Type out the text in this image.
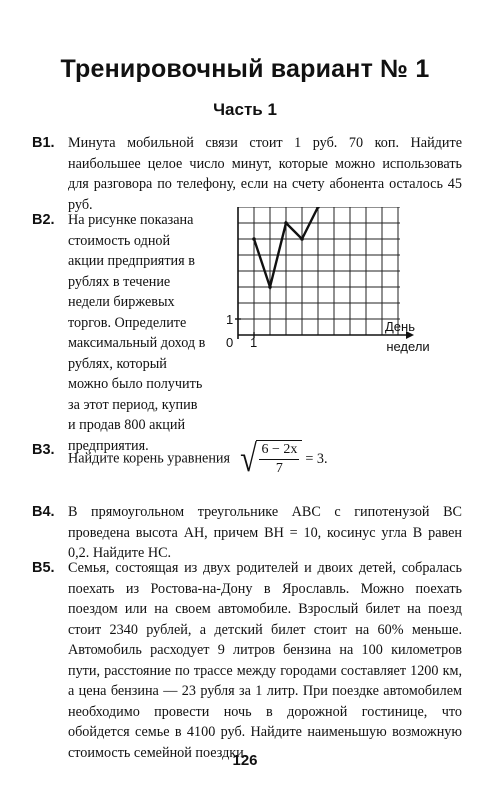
Тренировочный вариант № 1
Часть 1
B1. Минута мобильной связи стоит 1 руб. 70 коп. Найдите наибольшее целое число минут, которые можно использовать для разговора по телефону, если на счету абонента осталось 45 руб.
B2. На рисунке показана стоимость одной акции предприятия в рублях в течение недели биржевых торгов. Определите максимальный доход в рублях, который можно было получить за этот период, купив и продав 800 акций предприятия.
День
недели
0 1
1
B3.
Найдите корень уравнения √ $\frac{6 - 2x}{7} = 3$.
B4. В прямоугольном треугольнике ABC с гипотенузой BC проведена высота AH, причем BH = 10, косинус угла B равен 0,2. Найдите HC.
B5. Семья, состоящая из двух родителей и двоих детей, собралась поехать из Ростова-на-Дону в Ярославль. Можно поехать поездом или на своем автомобиле. Взрослый билет на поезд стоит 2340 рублей, а детский билет стоит на 60% меньше. Автомобиль расходует 9 литров бензина на 100 километров пути, расстояние по трассе между городами составляет 1200 км, а цена бензина — 23 рубля за 1 литр. При поездке автомобилем необходимо провести ночь в дорожной гостинице, что обойдется семье в 4100 руб. Найдите наименьшую возможную стоимость семейной поездки.
126
